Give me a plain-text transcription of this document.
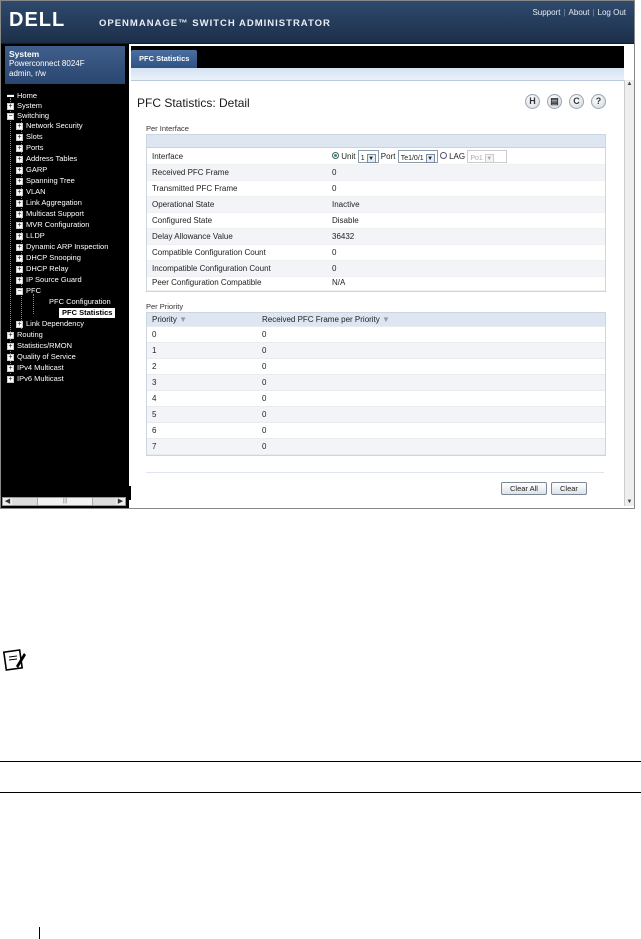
DELL	OPENMANAGE™ SWITCH ADMINISTRATOR
Support | About | Log Out
System
Powerconnect 8024F
admin, r/w
▬ Home
+ System
− Switching
+ Network Security
+ Slots
+ Ports
+ Address Tables
+ GARP
+ Spanning Tree
+ VLAN
+ Link Aggregation
+ Multicast Support
+ MVR Configuration
+ LLDP
+ Dynamic ARP Inspection
+ DHCP Snooping
+ DHCP Relay
+ IP Source Guard
− PFC
PFC Configuration
PFC Statistics
+ Link Dependency
+ Routing
+ Statistics/RMON
+ Quality of Service
+ IPv4 Multicast
+ IPv6 Multicast
◀	|||	▶
PFC Statistics
▲
▼
PFC Statistics: Detail	H	▤	C	?
Per Interface
Interface	Unit 1 ▼ Port Te1/0/1 ▼ LAG Po1 ▼
Received PFC Frame	0
Transmitted PFC Frame	0
Operational State	Inactive
Configured State	Disable
Delay Allowance Value	36432
Compatible Configuration Count	0
Incompatible Configuration Count	0
Peer Configuration Compatible	N/A
Per Priority
Priority ▼	Received PFC Frame per Priority ▼
0	0
1	0
2	0
3	0
4	0
5	0
6	0
7	0
Clear All	Clear
